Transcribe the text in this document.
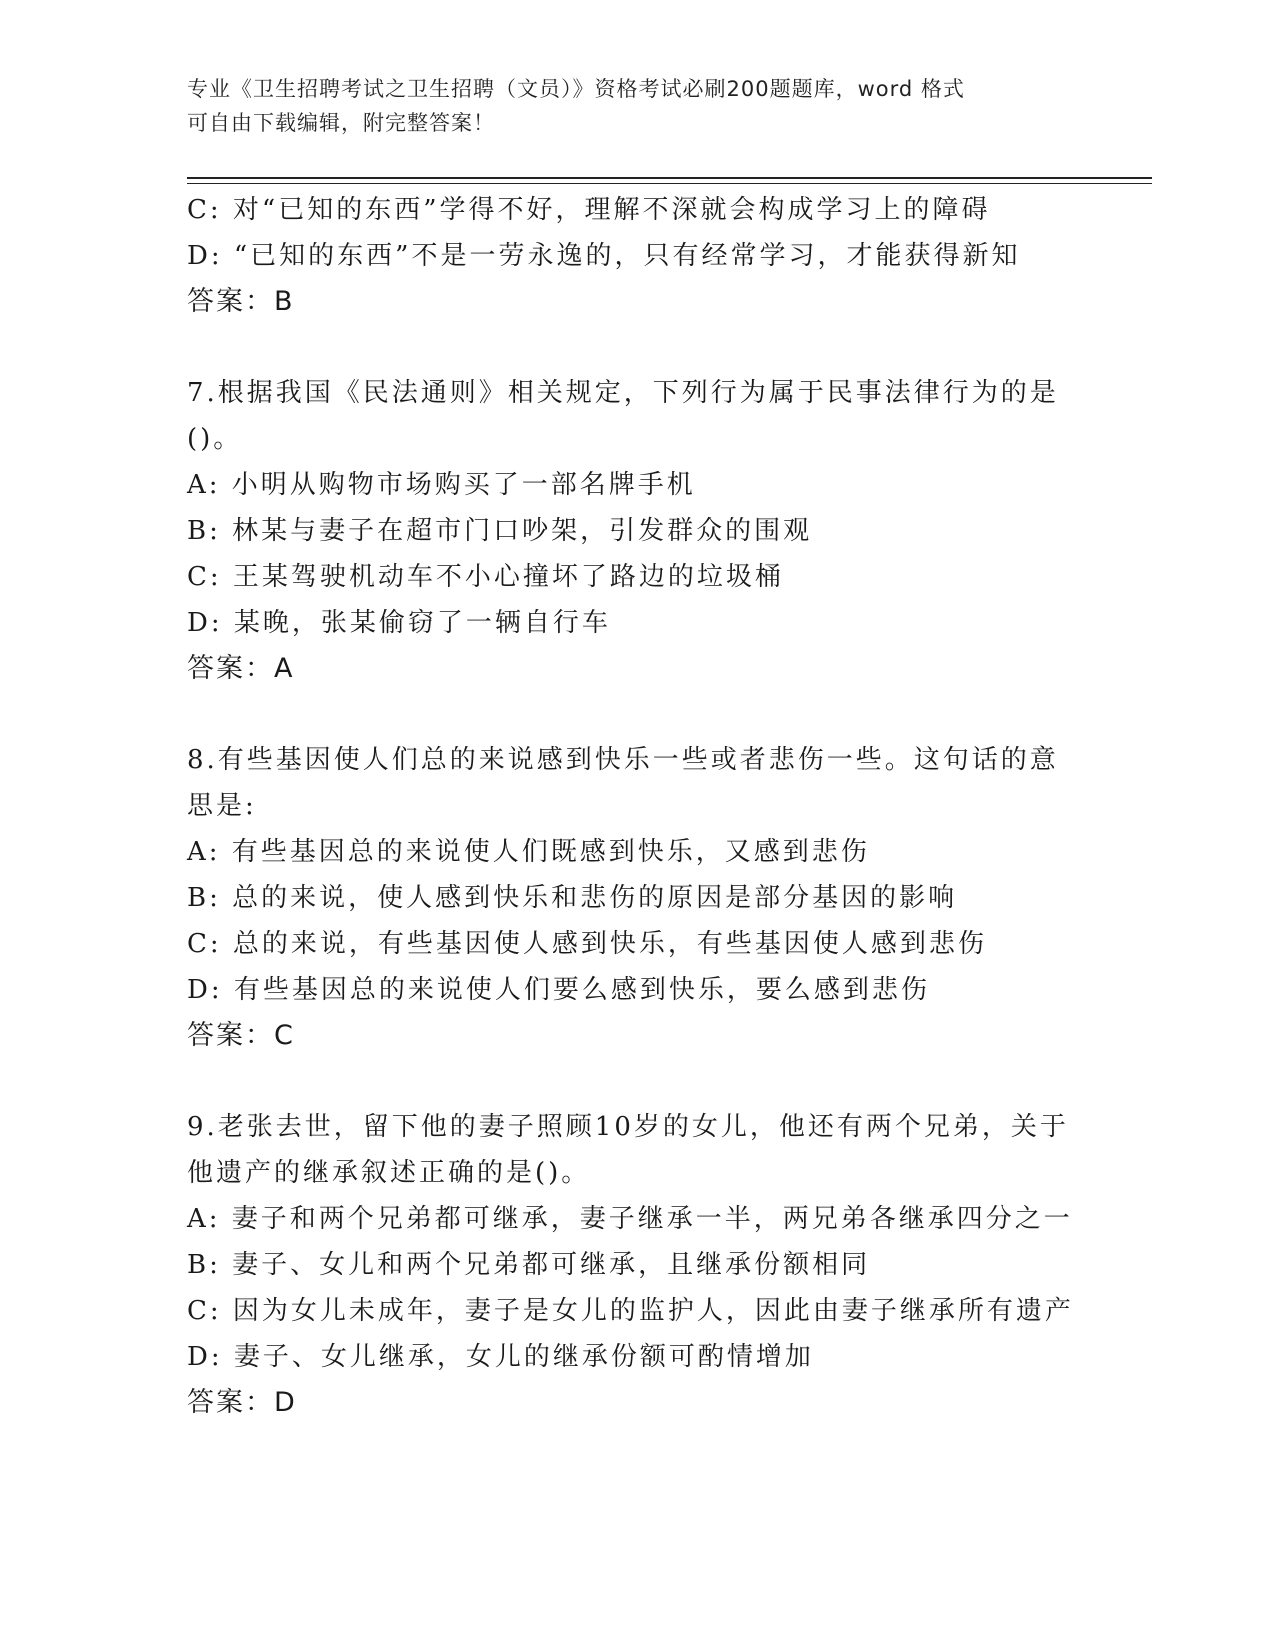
专业《卫生招聘考试之卫生招聘（文员）》资格考试必刷200题题库，word 格式
可自由下载编辑，附完整答案！
C: 对“已知的东西”学得不好，理解不深就会构成学习上的障碍
D: “已知的东西”不是一劳永逸的，只有经常学习，才能获得新知
答案：B
7.根据我国《民法通则》相关规定，下列行为属于民事法律行为的是
()。
A: 小明从购物市场购买了一部名牌手机
B: 林某与妻子在超市门口吵架，引发群众的围观
C: 王某驾驶机动车不小心撞坏了路边的垃圾桶
D: 某晚，张某偷窃了一辆自行车
答案：A
8.有些基因使人们总的来说感到快乐一些或者悲伤一些。这句话的意
思是:
A: 有些基因总的来说使人们既感到快乐，又感到悲伤
B: 总的来说，使人感到快乐和悲伤的原因是部分基因的影响
C: 总的来说，有些基因使人感到快乐，有些基因使人感到悲伤
D: 有些基因总的来说使人们要么感到快乐，要么感到悲伤
答案：C
9.老张去世，留下他的妻子照顾10岁的女儿，他还有两个兄弟，关于
他遗产的继承叙述正确的是()。
A: 妻子和两个兄弟都可继承，妻子继承一半，两兄弟各继承四分之一
B: 妻子、女儿和两个兄弟都可继承，且继承份额相同
C: 因为女儿未成年，妻子是女儿的监护人，因此由妻子继承所有遗产
D: 妻子、女儿继承，女儿的继承份额可酌情增加
答案：D
